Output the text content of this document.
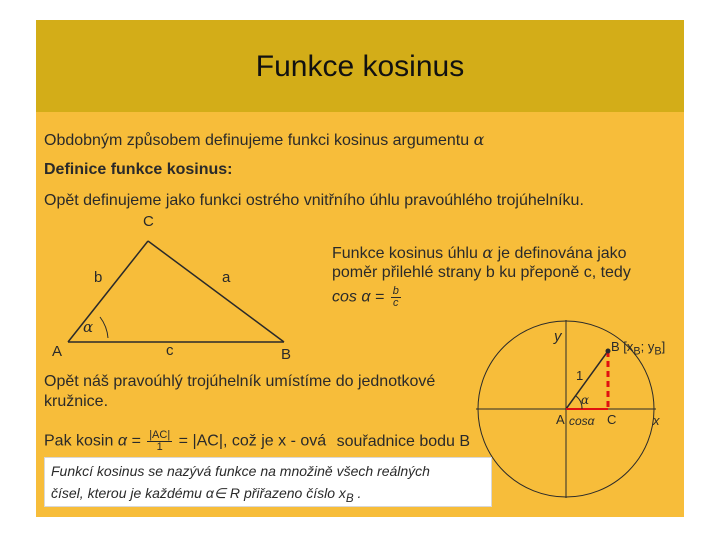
Funkce kosinus
Obdobným způsobem definujeme funkci kosinus argumentu α
Definice funkce kosinus:
Opět definujeme jako funkci ostrého vnitřního úhlu pravoúhlého trojúhelníku.
C
b	a
α
A	c	B
Funkce kosinus úhlu α je definována jako
poměr přilehlé strany b ku přeponě c, tedy
$\cos \alpha = \frac{b}{c}$
y
B [$x_B$; $y_B$]
1
α
A cosα C	x
Opět náš pravoúhlý trojúhelník umístíme do jednotkové
kružnice.
Pak kosin $\alpha = \frac{|AC|}{1} = |AC|$, což je x - ová souřadnice bodu B
Funkcí kosinus se nazývá funkce na množině všech reálných
čísel, kterou je každému α∈ R přiřazeno číslo $x_B$ .
